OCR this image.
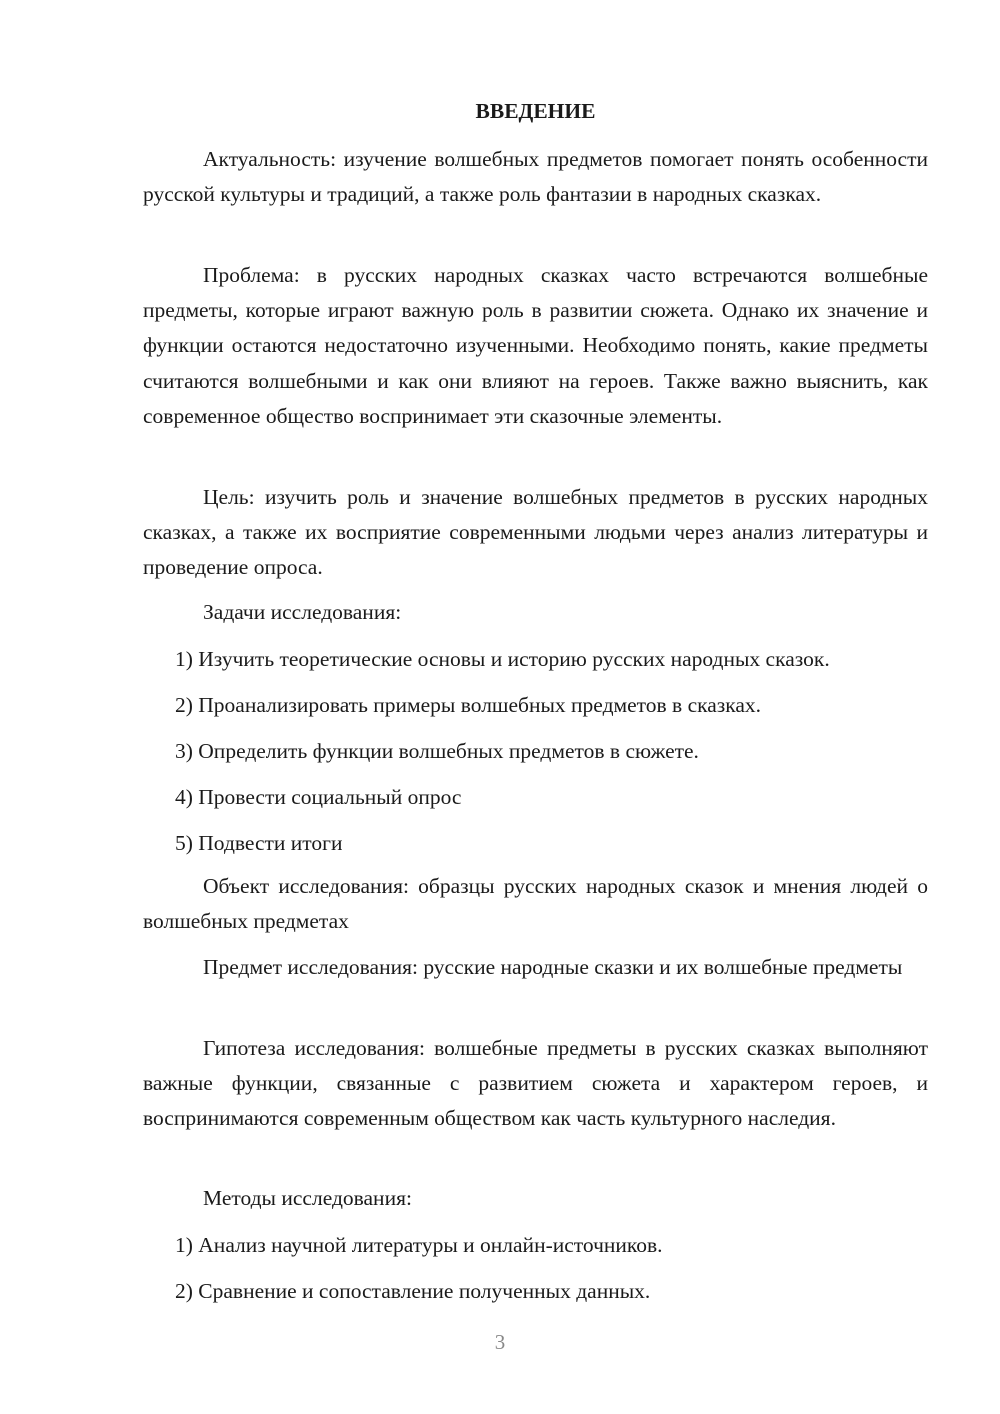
ВВЕДЕНИЕ

Актуальность: изучение волшебных предметов помогает понять особенности русской культуры и традиций, а также роль фантазии в народных сказках.

Проблема: в русских народных сказках часто встречаются волшебные предметы, которые играют важную роль в развитии сюжета. Однако их значение и функции остаются недостаточно изученными. Необходимо понять, какие предметы считаются волшебными и как они влияют на героев. Также важно выяснить, как современное общество воспринимает эти сказочные элементы.

Цель: изучить роль и значение волшебных предметов в русских народных сказках, а также их восприятие современными людьми через анализ литературы и проведение опроса.

Задачи исследования:

1) Изучить теоретические основы и историю русских народных сказок.

2) Проанализировать примеры волшебных предметов в сказках.

3) Определить функции волшебных предметов в сюжете.

4) Провести социальный опрос

5) Подвести итоги

Объект исследования: образцы русских народных сказок и мнения людей о волшебных предметах

Предмет исследования: русские народные сказки и их волшебные предметы

Гипотеза исследования: волшебные предметы в русских сказках выполняют важные функции, связанные с развитием сюжета и характером героев, и воспринимаются современным обществом как часть культурного наследия.

Методы исследования:

1) Анализ научной литературы и онлайн-источников.

2) Сравнение и сопоставление полученных данных.

3
